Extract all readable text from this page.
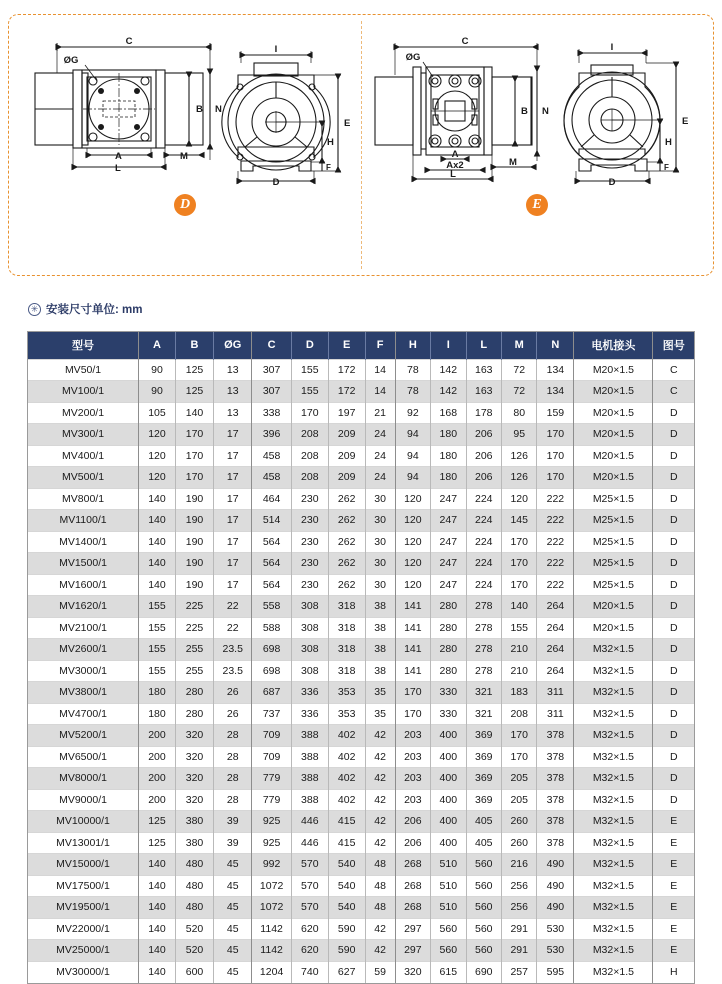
C
ØG
B N
A	M
L
I
E
H
F
D
D
C
ØG
B N
A
Ax2	M
L
I
E
H
F
D
E
✳ 安装尺寸单位: mm
型号	A	B	ØG	C	D	E	F	H	I	L	M	N	电机接头	图号
MV50/1	90	125	13	307	155	172	14	78	142	163	72	134	M20×1.5	C
MV100/1	90	125	13	307	155	172	14	78	142	163	72	134	M20×1.5	C
MV200/1	105	140	13	338	170	197	21	92	168	178	80	159	M20×1.5	D
MV300/1	120	170	17	396	208	209	24	94	180	206	95	170	M20×1.5	D
MV400/1	120	170	17	458	208	209	24	94	180	206	126	170	M20×1.5	D
MV500/1	120	170	17	458	208	209	24	94	180	206	126	170	M20×1.5	D
MV800/1	140	190	17	464	230	262	30	120	247	224	120	222	M25×1.5	D
MV1100/1	140	190	17	514	230	262	30	120	247	224	145	222	M25×1.5	D
MV1400/1	140	190	17	564	230	262	30	120	247	224	170	222	M25×1.5	D
MV1500/1	140	190	17	564	230	262	30	120	247	224	170	222	M25×1.5	D
MV1600/1	140	190	17	564	230	262	30	120	247	224	170	222	M25×1.5	D
MV1620/1	155	225	22	558	308	318	38	141	280	278	140	264	M20×1.5	D
MV2100/1	155	225	22	588	308	318	38	141	280	278	155	264	M20×1.5	D
MV2600/1	155	255	23.5	698	308	318	38	141	280	278	210	264	M32×1.5	D
MV3000/1	155	255	23.5	698	308	318	38	141	280	278	210	264	M32×1.5	D
MV3800/1	180	280	26	687	336	353	35	170	330	321	183	311	M32×1.5	D
MV4700/1	180	280	26	737	336	353	35	170	330	321	208	311	M32×1.5	D
MV5200/1	200	320	28	709	388	402	42	203	400	369	170	378	M32×1.5	D
MV6500/1	200	320	28	709	388	402	42	203	400	369	170	378	M32×1.5	D
MV8000/1	200	320	28	779	388	402	42	203	400	369	205	378	M32×1.5	D
MV9000/1	200	320	28	779	388	402	42	203	400	369	205	378	M32×1.5	D
MV10000/1	125	380	39	925	446	415	42	206	400	405	260	378	M32×1.5	E
MV13001/1	125	380	39	925	446	415	42	206	400	405	260	378	M32×1.5	E
MV15000/1	140	480	45	992	570	540	48	268	510	560	216	490	M32×1.5	E
MV17500/1	140	480	45	1072	570	540	48	268	510	560	256	490	M32×1.5	E
MV19500/1	140	480	45	1072	570	540	48	268	510	560	256	490	M32×1.5	E
MV22000/1	140	520	45	1142	620	590	42	297	560	560	291	530	M32×1.5	E
MV25000/1	140	520	45	1142	620	590	42	297	560	560	291	530	M32×1.5	E
MV30000/1	140	600	45	1204	740	627	59	320	615	690	257	595	M32×1.5	H
